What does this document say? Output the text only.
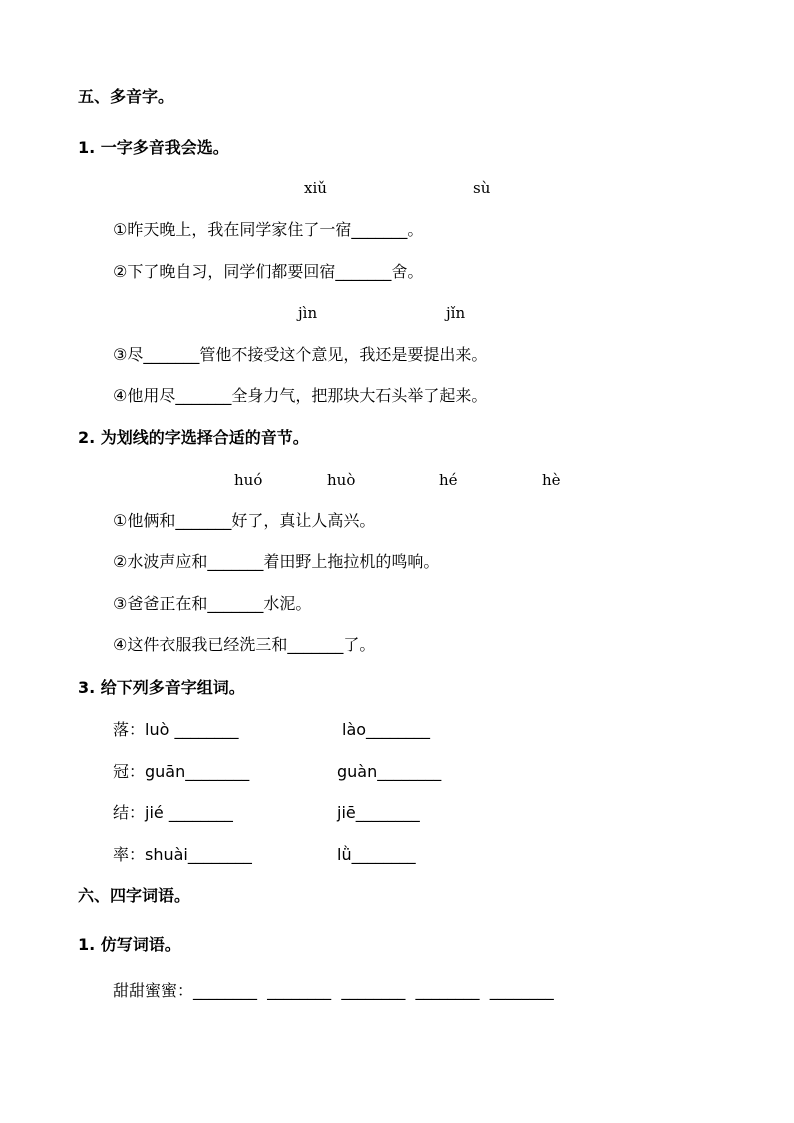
五、多音字。
1. 一字多音我会选。
xiǔ	sù
①昨天晚上，我在同学家住了一宿_______。
②下了晚自习，同学们都要回宿_______舍。
jìn	jǐn
③尽_______管他不接受这个意见，我还是要提出来。
④他用尽_______全身力气，把那块大石头举了起来。
2. 为划线的字选择合适的音节。
huó	huò	hé	hè
①他俩和_______好了，真让人高兴。
②水波声应和_______着田野上拖拉机的鸣响。
③爸爸正在和_______水泥。
④这件衣服我已经洗三和_______了。
3. 给下列多音字组词。
落：luò ________	lào________
冠：guān________	guàn________
结：jié ________	jiē________
率：shuài________	lǜ________
六、四字词语。
1. 仿写词语。
甜甜蜜蜜：________  ________  ________  ________  ________
